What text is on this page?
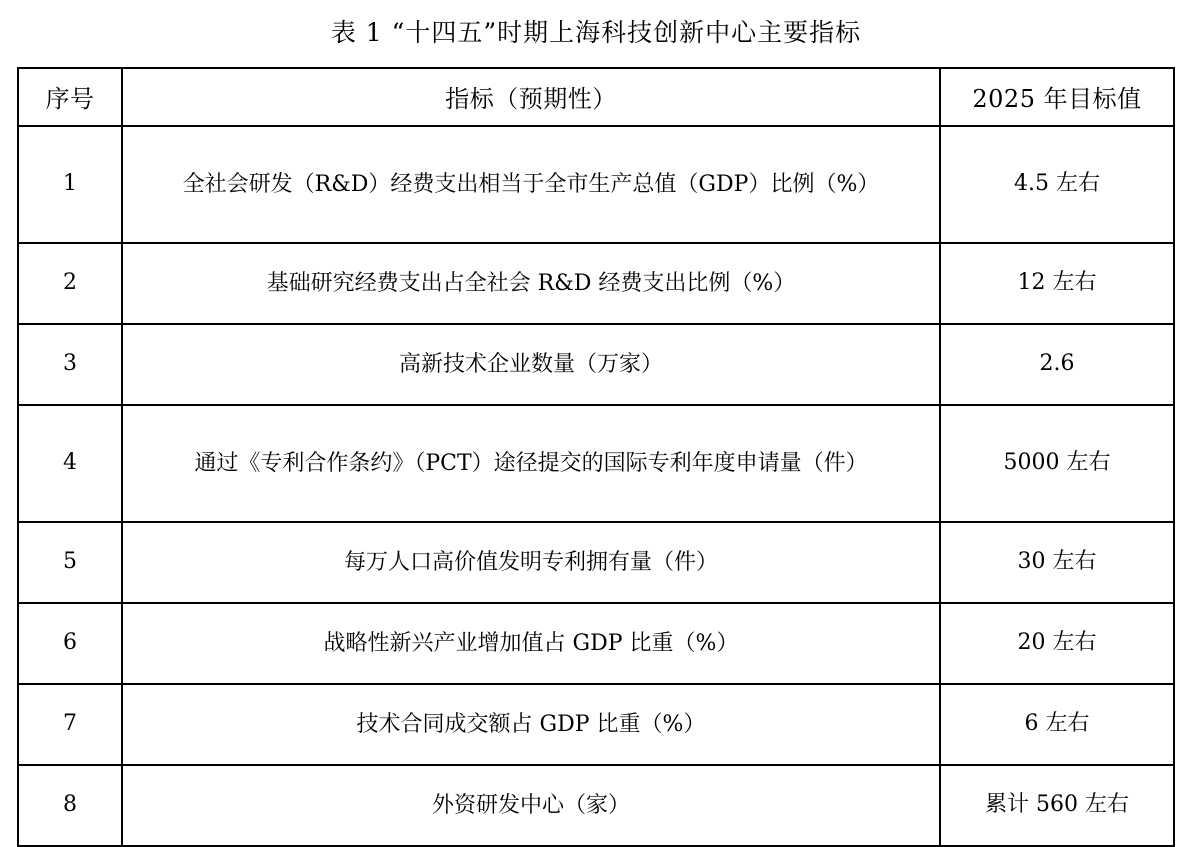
表 1 “十四五”时期上海科技创新中心主要指标
序号	指标（预期性）	2025 年目标值
1	全社会研发（R&D）经费支出相当于全市生产总值（GDP）比例（%）	4.5 左右
2	基础研究经费支出占全社会 R&D 经费支出比例（%）	12 左右
3	高新技术企业数量（万家）	2.6
4	通过《专利合作条约》（PCT）途径提交的国际专利年度申请量（件）	5000 左右
5	每万人口高价值发明专利拥有量（件）	30 左右
6	战略性新兴产业增加值占 GDP 比重（%）	20 左右
7	技术合同成交额占 GDP 比重（%）	6 左右
8	外资研发中心（家）	累计 560 左右
